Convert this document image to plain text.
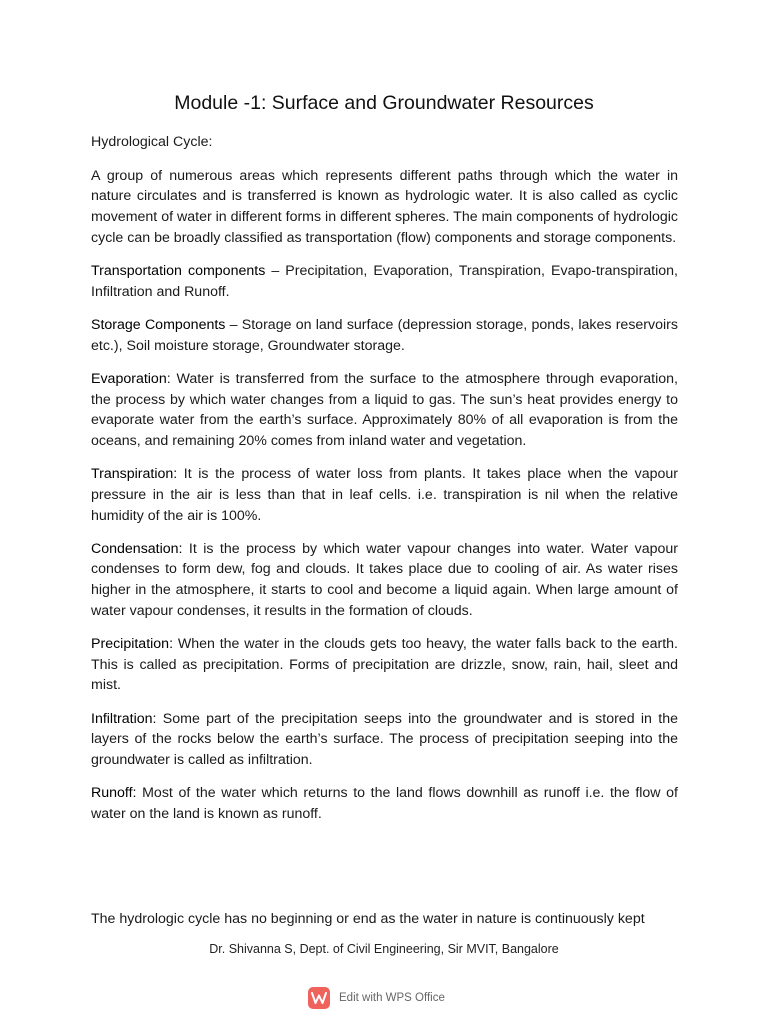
Module -1: Surface and Groundwater Resources

Hydrological Cycle:

A group of numerous areas which represents different paths through which the water in nature circulates and is transferred is known as hydrologic water. It is also called as cyclic movement of water in different forms in different spheres. The main components of hydrologic cycle can be broadly classified as transportation (flow) components and storage components.

Transportation components – Precipitation, Evaporation, Transpiration, Evapo-transpiration, Infiltration and Runoff.

Storage Components – Storage on land surface (depression storage, ponds, lakes reservoirs etc.), Soil moisture storage, Groundwater storage.

Evaporation: Water is transferred from the surface to the atmosphere through evaporation, the process by which water changes from a liquid to gas. The sun’s heat provides energy to evaporate water from the earth’s surface. Approximately 80% of all evaporation is from the oceans, and remaining 20% comes from inland water and vegetation.

Transpiration: It is the process of water loss from plants. It takes place when the vapour pressure in the air is less than that in leaf cells. i.e. transpiration is nil when the relative humidity of the air is 100%.

Condensation: It is the process by which water vapour changes into water. Water vapour condenses to form dew, fog and clouds. It takes place due to cooling of air. As water rises higher in the atmosphere, it starts to cool and become a liquid again. When large amount of water vapour condenses, it results in the formation of clouds.

Precipitation: When the water in the clouds gets too heavy, the water falls back to the earth. This is called as precipitation. Forms of precipitation are drizzle, snow, rain, hail, sleet and mist.

Infiltration: Some part of the precipitation seeps into the groundwater and is stored in the layers of the rocks below the earth’s surface. The process of precipitation seeping into the groundwater is called as infiltration.

Runoff: Most of the water which returns to the land flows downhill as runoff i.e. the flow of water on the land is known as runoff.

The hydrologic cycle has no beginning or end as the water in nature is continuously kept

Dr. Shivanna S, Dept. of Civil Engineering, Sir MVIT, Bangalore

Edit with WPS Office
